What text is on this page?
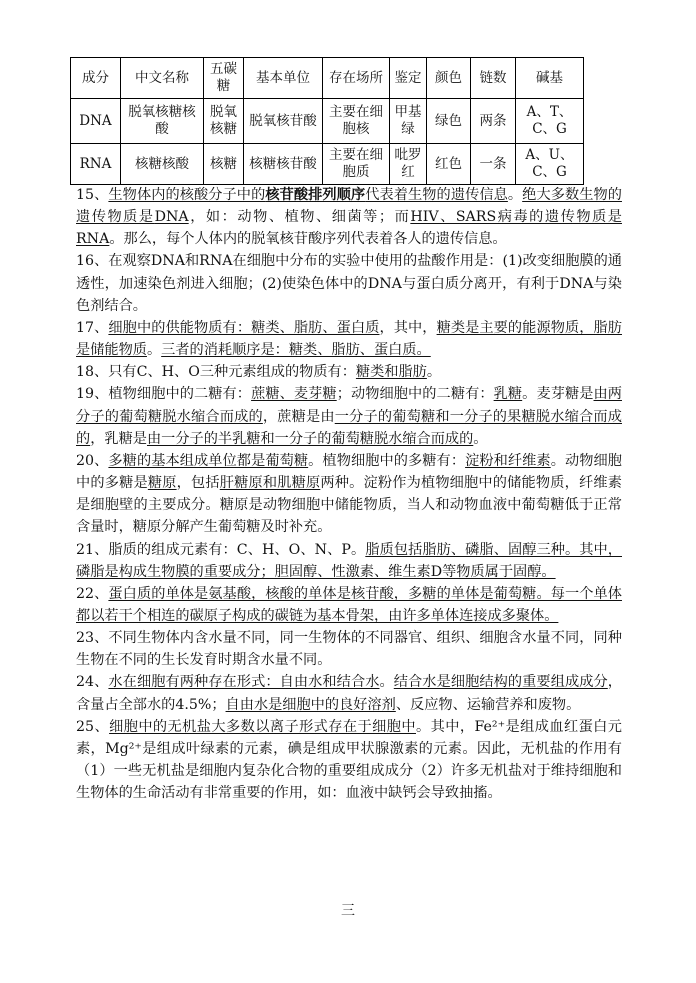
成分	中文名称	五碳糖	基本单位	存在场所	鉴定	颜色	链数	碱基
DNA	脱氧核糖核酸	脱氧核糖	脱氧核苷酸	主要在细胞核	甲基绿	绿色	两条	A、T、C、G
RNA	核糖核酸	核糖	核糖核苷酸	主要在细胞质	吡罗红	红色	一条	A、U、C、G

15、生物体内的核酸分子中的核苷酸排列顺序代表着生物的遗传信息。绝大多数生物的遗传物质是DNA，如：动物、植物、细菌等；而HIV、SARS病毒的遗传物质是RNA。那么，每个人体内的脱氧核苷酸序列代表着各人的遗传信息。

16、在观察DNA和RNA在细胞中分布的实验中使用的盐酸作用是：(1)改变细胞膜的通透性，加速染色剂进入细胞；(2)使染色体中的DNA与蛋白质分离开，有利于DNA与染色剂结合。

17、细胞中的供能物质有：糖类、脂肪、蛋白质，其中，糖类是主要的能源物质，脂肪是储能物质。三者的消耗顺序是：糖类、脂肪、蛋白质。

18、只有C、H、O三种元素组成的物质有：糖类和脂肪。

19、植物细胞中的二糖有：蔗糖、麦芽糖；动物细胞中的二糖有：乳糖。麦芽糖是由两分子的葡萄糖脱水缩合而成的，蔗糖是由一分子的葡萄糖和一分子的果糖脱水缩合而成的，乳糖是由一分子的半乳糖和一分子的葡萄糖脱水缩合而成的。

20、多糖的基本组成单位都是葡萄糖。植物细胞中的多糖有：淀粉和纤维素。动物细胞中的多糖是糖原，包括肝糖原和肌糖原两种。淀粉作为植物细胞中的储能物质，纤维素是细胞壁的主要成分。糖原是动物细胞中储能物质，当人和动物血液中葡萄糖低于正常含量时，糖原分解产生葡萄糖及时补充。

21、脂质的组成元素有：C、H、O、N、P。脂质包括脂肪、磷脂、固醇三种。其中，磷脂是构成生物膜的重要成分；胆固醇、性激素、维生素D等物质属于固醇。

22、蛋白质的单体是氨基酸，核酸的单体是核苷酸，多糖的单体是葡萄糖。每一个单体都以若干个相连的碳原子构成的碳链为基本骨架，由许多单体连接成多聚体。

23、不同生物体内含水量不同，同一生物体的不同器官、组织、细胞含水量不同，同种生物在不同的生长发育时期含水量不同。

24、水在细胞有两种存在形式：自由水和结合水。结合水是细胞结构的重要组成成分，含量占全部水的4.5%；自由水是细胞中的良好溶剂、反应物、运输营养和废物。

25、细胞中的无机盐大多数以离子形式存在于细胞中。其中，Fe²⁺是组成血红蛋白元素，Mg²⁺是组成叶绿素的元素，碘是组成甲状腺激素的元素。因此，无机盐的作用有（1）一些无机盐是细胞内复杂化合物的重要组成成分（2）许多无机盐对于维持细胞和生物体的生命活动有非常重要的作用，如：血液中缺钙会导致抽搐。

三
